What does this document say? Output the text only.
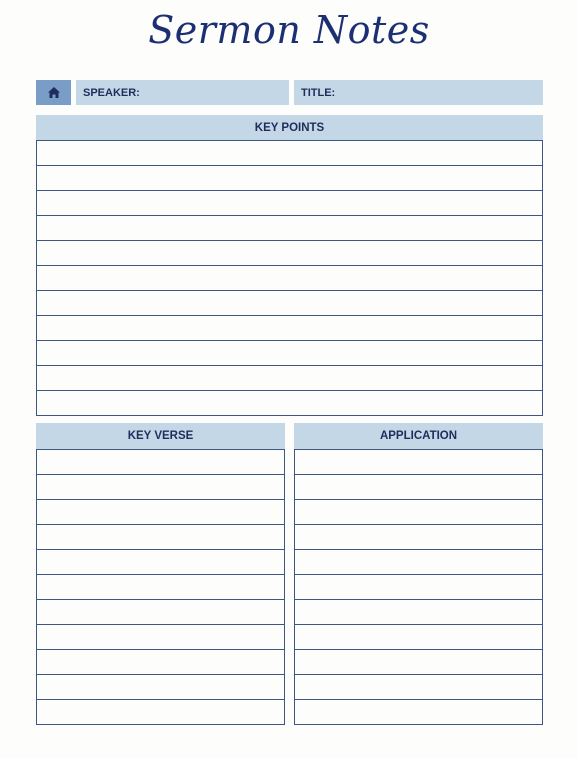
Sermon Notes
SPEAKER:	TITLE:
KEY POINTS
KEY VERSE	APPLICATION
